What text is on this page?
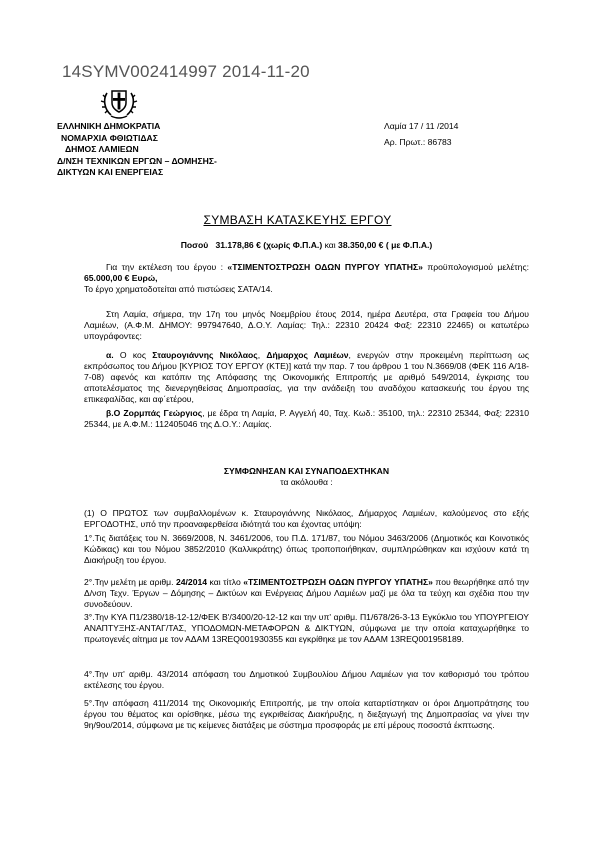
14SYMV002414997 2014-11-20
ΕΛΛΗΝΙΚΗ ΔΗΜΟΚΡΑΤΙΑ
ΝΟΜΑΡΧΙΑ ΦΘΙΩΤΙΔΑΣ
ΔΗΜΟΣ ΛΑΜΙΕΩΝ
Δ/ΝΣΗ ΤΕΧΝΙΚΩΝ ΕΡΓΩΝ – ΔΟΜΗΣΗΣ-
ΔΙΚΤΥΩΝ ΚΑΙ ΕΝΕΡΓΕΙΑΣ
Λαμία 17 / 11 /2014
Αρ. Πρωτ.: 86783
ΣΥΜΒΑΣΗ ΚΑΤΑΣΚΕΥΗΣ ΕΡΓΟΥ
Ποσού 31.178,86 € (χωρίς Φ.Π.Α.) και 38.350,00 € ( με Φ.Π.Α.)

Για την εκτέλεση του έργου : «ΤΣΙΜΕΝΤΟΣΤΡΩΣΗ ΟΔΩΝ ΠΥΡΓΟΥ ΥΠΑΤΗΣ» προϋπολογισμού μελέτης: 65.000,00 € Ευρώ,

Το έργο χρηματοδοτείται από πιστώσεις ΣΑΤΑ/14.

Στη Λαμία, σήμερα, την 17η του μηνός Νοεμβρίου έτους 2014, ημέρα Δευτέρα, στα Γραφεία του Δήμου Λαμιέων, (Α.Φ.Μ. ΔΗΜΟΥ: 997947640, Δ.Ο.Υ. Λαμίας: Τηλ.: 22310 20424 Φαξ: 22310 22465) οι κατωτέρω υπογράφοντες:
α. Ο κος Σταυρογιάννης Νικόλαος, Δήμαρχος Λαμιέων, ενεργών στην προκειμένη περίπτωση ως εκπρόσωπος του Δήμου [ΚΥΡΙΟΣ ΤΟΥ ΕΡΓΟΥ (ΚΤΕ)] κατά την παρ. 7 του άρθρου 1 του Ν.3669/08 (ΦΕΚ 116 Α/18-7-08) αφενός και κατόπιν της Απόφασης της Οικονομικής Επιτροπής με αριθμό 549/2014, έγκρισης του αποτελέσματος της διενεργηθείσας Δημοπρασίας, για την ανάδειξη του αναδόχου κατασκευής του έργου της επικεφαλίδας, και αφ΄ετέρου,
β.Ο Ζορμπάς Γεώργιος, με έδρα τη Λαμία, Ρ. Αγγελή 40, Ταχ. Κωδ.: 35100, τηλ.: 22310 25344, Φαξ: 22310 25344, με Α.Φ.Μ.: 112405046 της Δ.Ο.Υ.: Λαμίας.
ΣΥΜΦΩΝΗΣΑΝ ΚΑΙ ΣΥΝΑΠΟΔΕΧΤΗΚΑΝ
τα ακόλουθα :
(1) Ο ΠΡΩΤΟΣ των συμβαλλομένων κ. Σταυρογιάννης Νικόλαος, Δήμαρχος Λαμιέων, καλούμενος στο εξής ΕΡΓΟΔΟΤΗΣ, υπό την προαναφερθείσα ιδιότητά του και έχοντας υπόψη:
1°.Τις διατάξεις του Ν. 3669/2008, Ν. 3461/2006, του Π.Δ. 171/87, του Νόμου 3463/2006 (Δημοτικός και Κοινοτικός Κώδικας) και του Νόμου 3852/2010 (Καλλικράτης) όπως τροποποιήθηκαν, συμπληρώθηκαν και ισχύουν κατά τη Διακήρυξη του έργου.
2°.Την μελέτη με αριθμ. 24/2014 και τίτλο «ΤΣΙΜΕΝΤΟΣΤΡΩΣΗ ΟΔΩΝ ΠΥΡΓΟΥ ΥΠΑΤΗΣ» που θεωρήθηκε από την Δ/νση Τεχν. Έργων – Δόμησης – Δικτύων και Ενέργειας Δήμου Λαμιέων μαζί με όλα τα τεύχη και σχέδια που την συνοδεύουν.
3°.Την ΚΥΑ Π1/2380/18-12-12/ΦΕΚ Β'/3400/20-12-12 και την υπ' αριθμ. Π1/678/26-3-13 Εγκύκλιο του ΥΠΟΥΡΓΕΙΟΥ ΑΝΑΠΤΥΞΗΣ-ΑΝΤΑΓ/ΤΑΣ, ΥΠΟΔΟΜΩΝ-ΜΕΤΑΦΟΡΩΝ & ΔΙΚΤΥΩΝ, σύμφωνα με την οποία καταχωρήθηκε το πρωτογενές αίτημα με τον ΑΔΑΜ 13REQ001930355 και εγκρίθηκε με τον ΑΔΑΜ 13REQ001958189.
4°.Την υπ' αριθμ. 43/2014 απόφαση του Δημοτικού Συμβουλίου Δήμου Λαμιέων για τον καθορισμό του τρόπου εκτέλεσης του έργου.
5°.Την απόφαση 411/2014 της Οικονομικής Επιτροπής, με την οποία καταρτίστηκαν οι όροι Δημοπράτησης του έργου του θέματος και ορίσθηκε, μέσω της εγκριθείσας Διακήρυξης, η διεξαγωγή της Δημοπρασίας να γίνει την 9η/9ου/2014, σύμφωνα με τις κείμενες διατάξεις με σύστημα προσφοράς με επί μέρους ποσοστά έκπτωσης.
